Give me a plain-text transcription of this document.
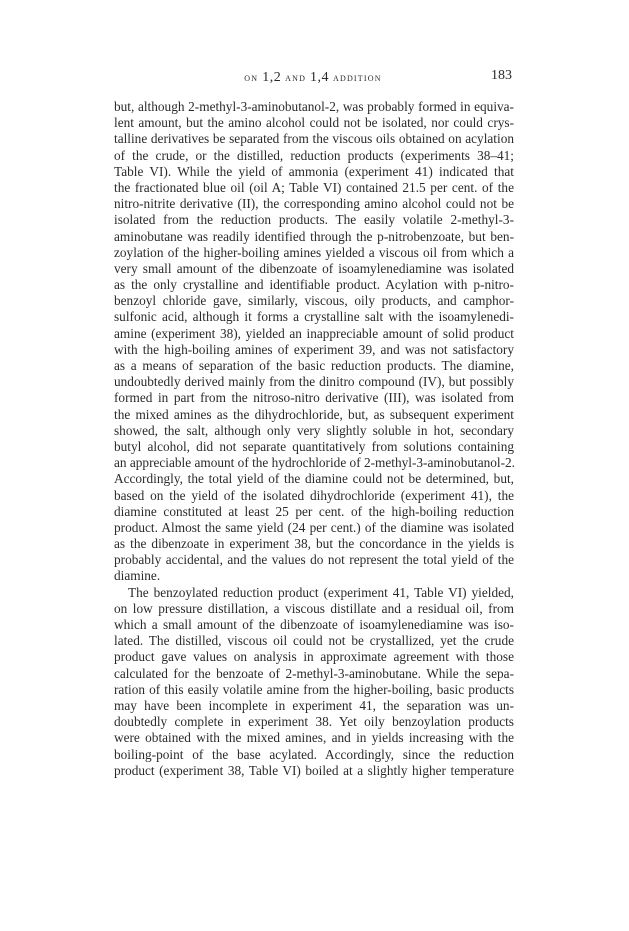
on 1,2 and 1,4 addition	183
but, although 2-methyl-3-aminobutanol-2, was probably formed in equiva-
lent amount, but the amino alcohol could not be isolated, nor could crys-
talline derivatives be separated from the viscous oils obtained on acylation
of the crude, or the distilled, reduction products (experiments 38–41;
Table VI). While the yield of ammonia (experiment 41) indicated that
the fractionated blue oil (oil A; Table VI) contained 21.5 per cent. of the
nitro-nitrite derivative (II), the corresponding amino alcohol could not be
isolated from the reduction products. The easily volatile 2-methyl-3-
aminobutane was readily identified through the p-nitrobenzoate, but ben-
zoylation of the higher-boiling amines yielded a viscous oil from which a
very small amount of the dibenzoate of isoamylenediamine was isolated
as the only crystalline and identifiable product. Acylation with p-nitro-
benzoyl chloride gave, similarly, viscous, oily products, and camphor-
sulfonic acid, although it forms a crystalline salt with the isoamylenedi-
amine (experiment 38), yielded an inappreciable amount of solid product
with the high-boiling amines of experiment 39, and was not satisfactory
as a means of separation of the basic reduction products. The diamine,
undoubtedly derived mainly from the dinitro compound (IV), but possibly
formed in part from the nitroso-nitro derivative (III), was isolated from
the mixed amines as the dihydrochloride, but, as subsequent experiment
showed, the salt, although only very slightly soluble in hot, secondary
butyl alcohol, did not separate quantitatively from solutions containing
an appreciable amount of the hydrochloride of 2-methyl-3-aminobutanol-2.
Accordingly, the total yield of the diamine could not be determined, but,
based on the yield of the isolated dihydrochloride (experiment 41), the
diamine constituted at least 25 per cent. of the high-boiling reduction
product. Almost the same yield (24 per cent.) of the diamine was isolated
as the dibenzoate in experiment 38, but the concordance in the yields is
probably accidental, and the values do not represent the total yield of the
diamine.
The benzoylated reduction product (experiment 41, Table VI) yielded,
on low pressure distillation, a viscous distillate and a residual oil, from
which a small amount of the dibenzoate of isoamylenediamine was iso-
lated. The distilled, viscous oil could not be crystallized, yet the crude
product gave values on analysis in approximate agreement with those
calculated for the benzoate of 2-methyl-3-aminobutane. While the sepa-
ration of this easily volatile amine from the higher-boiling, basic products
may have been incomplete in experiment 41, the separation was un-
doubtedly complete in experiment 38. Yet oily benzoylation products
were obtained with the mixed amines, and in yields increasing with the
boiling-point of the base acylated. Accordingly, since the reduction
product (experiment 38, Table VI) boiled at a slightly higher temperature
